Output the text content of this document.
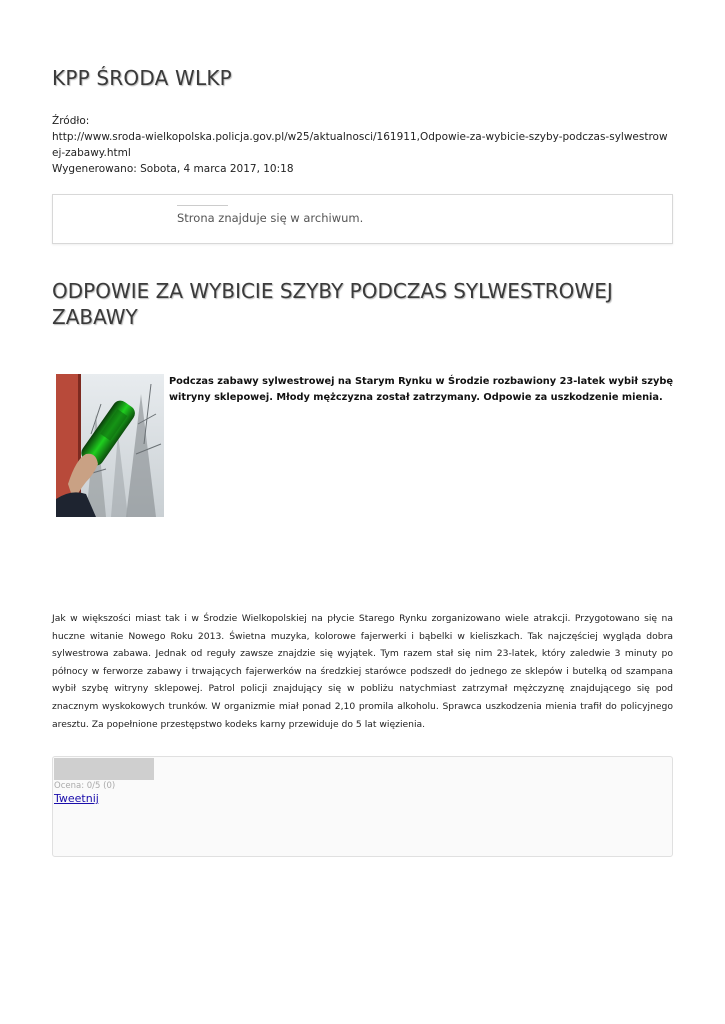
KPP ŚRODA WLKP
Źródło:
http://www.sroda-wielkopolska.policja.gov.pl/w25/aktualnosci/161911,Odpowie-za-wybicie-szyby-podczas-sylwestrowej-zabawy.html
Wygenerowano: Sobota, 4 marca 2017, 10:18
Strona znajduje się w archiwum.
ODPOWIE ZA WYBICIE SZYBY PODCZAS SYLWESTROWEJ ZABAWY
Podczas zabawy sylwestrowej na Starym Rynku w Środzie rozbawiony 23-latek wybił szybę witryny sklepowej. Młody mężczyzna został zatrzymany. Odpowie za uszkodzenie mienia.
Jak w większości miast tak i w Środzie Wielkopolskiej na płycie Starego Rynku zorganizowano wiele atrakcji. Przygotowano się na huczne witanie Nowego Roku 2013. Świetna muzyka, kolorowe fajerwerki i bąbelki w kieliszkach. Tak najczęściej wygląda dobra sylwestrowa zabawa. Jednak od reguły zawsze znajdzie się wyjątek. Tym razem stał się nim 23-latek, który zaledwie 3 minuty po północy w ferworze zabawy i trwających fajerwerków na średzkiej starówce podszedł do jednego ze sklepów i butelką od szampana wybił szybę witryny sklepowej. Patrol policji znajdujący się w pobliżu natychmiast zatrzymał mężczyznę znajdującego się pod znacznym wyskokowych trunków. W organizmie miał ponad 2,10 promila alkoholu. Sprawca uszkodzenia mienia trafił do policyjnego aresztu. Za popełnione przestępstwo kodeks karny przewiduje do 5 lat więzienia.
Ocena: 0/5 (0)
Tweetnij
